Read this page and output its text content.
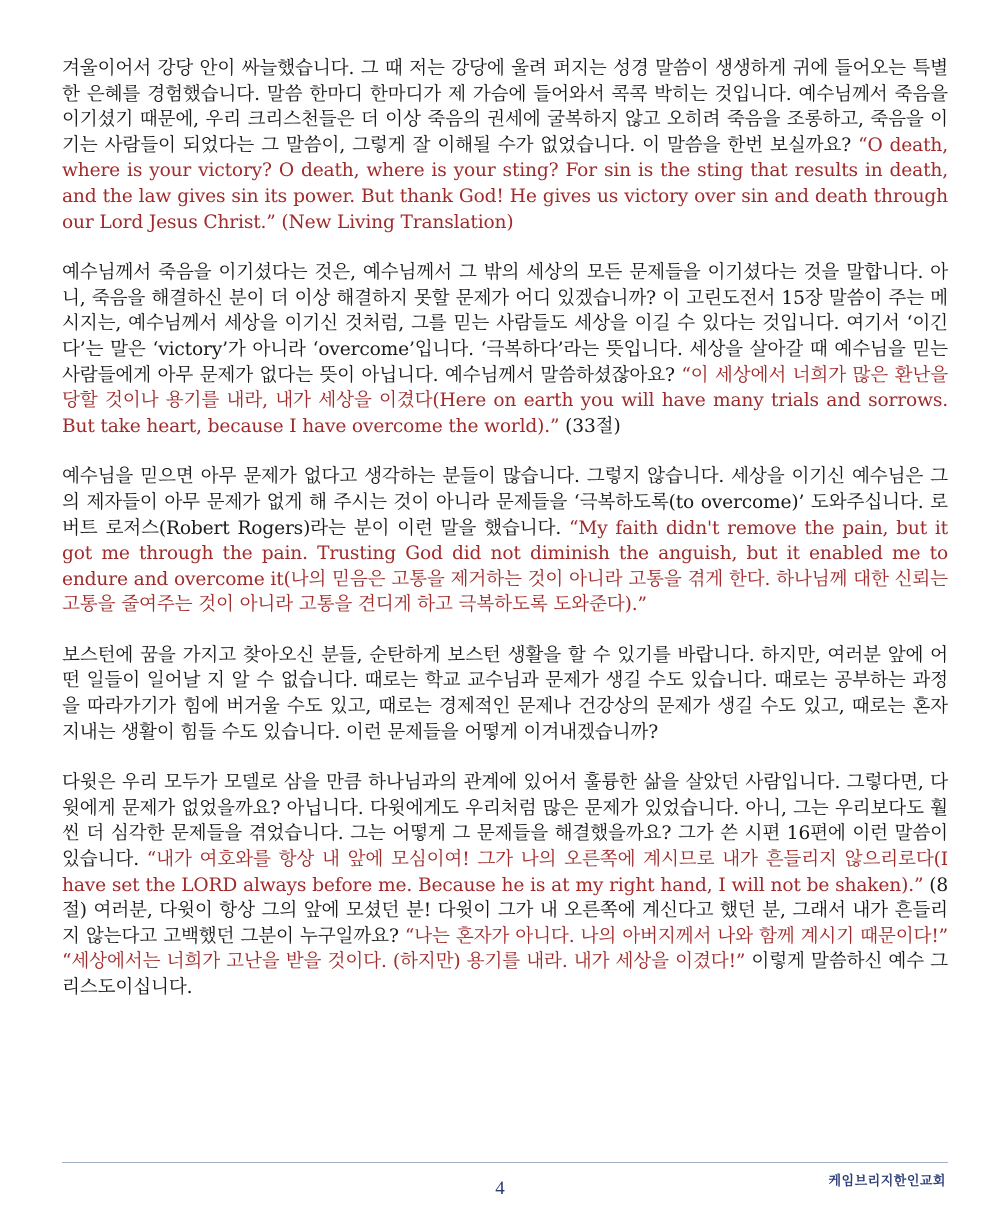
겨울이어서 강당 안이 싸늘했습니다. 그 때 저는 강당에 울려 퍼지는 성경 말씀이 생생하게 귀에 들어오는 특별한 은혜를 경험했습니다. 말씀 한마디 한마디가 제 가슴에 들어와서 콕콕 박히는 것입니다. 예수님께서 죽음을 이기셨기 때문에, 우리 크리스천들은 더 이상 죽음의 권세에 굴복하지 않고 오히려 죽음을 조롱하고, 죽음을 이기는 사람들이 되었다는 그 말씀이, 그렇게 잘 이해될 수가 없었습니다. 이 말씀을 한번 보실까요? “O death, where is your victory? O death, where is your sting? For sin is the sting that results in death, and the law gives sin its power. But thank God! He gives us victory over sin and death through our Lord Jesus Christ.” (New Living Translation)

예수님께서 죽음을 이기셨다는 것은, 예수님께서 그 밖의 세상의 모든 문제들을 이기셨다는 것을 말합니다. 아니, 죽음을 해결하신 분이 더 이상 해결하지 못할 문제가 어디 있겠습니까? 이 고린도전서 15장 말씀이 주는 메시지는, 예수님께서 세상을 이기신 것처럼, 그를 믿는 사람들도 세상을 이길 수 있다는 것입니다. 여기서 ‘이긴다’는 말은 ‘victory’가 아니라 ‘overcome’입니다. ‘극복하다’라는 뜻입니다. 세상을 살아갈 때 예수님을 믿는 사람들에게 아무 문제가 없다는 뜻이 아닙니다. 예수님께서 말씀하셨잖아요? “이 세상에서 너희가 많은 환난을 당할 것이나 용기를 내라, 내가 세상을 이겼다(Here on earth you will have many trials and sorrows. But take heart, because I have overcome the world).” (33절)

예수님을 믿으면 아무 문제가 없다고 생각하는 분들이 많습니다. 그렇지 않습니다. 세상을 이기신 예수님은 그의 제자들이 아무 문제가 없게 해 주시는 것이 아니라 문제들을 ‘극복하도록(to overcome)’ 도와주십니다. 로버트 로저스(Robert Rogers)라는 분이 이런 말을 했습니다. “My faith didn't remove the pain, but it got me through the pain. Trusting God did not diminish the anguish, but it enabled me to endure and overcome it(나의 믿음은 고통을 제거하는 것이 아니라 고통을 겪게 한다. 하나님께 대한 신뢰는 고통을 줄여주는 것이 아니라 고통을 견디게 하고 극복하도록 도와준다).”

보스턴에 꿈을 가지고 찾아오신 분들, 순탄하게 보스턴 생활을 할 수 있기를 바랍니다. 하지만, 여러분 앞에 어떤 일들이 일어날 지 알 수 없습니다. 때로는 학교 교수님과 문제가 생길 수도 있습니다. 때로는 공부하는 과정을 따라가기가 힘에 버거울 수도 있고, 때로는 경제적인 문제나 건강상의 문제가 생길 수도 있고, 때로는 혼자 지내는 생활이 힘들 수도 있습니다. 이런 문제들을 어떻게 이겨내겠습니까?

다윗은 우리 모두가 모델로 삼을 만큼 하나님과의 관계에 있어서 훌륭한 삶을 살았던 사람입니다. 그렇다면, 다윗에게 문제가 없었을까요? 아닙니다. 다윗에게도 우리처럼 많은 문제가 있었습니다. 아니, 그는 우리보다도 훨씬 더 심각한 문제들을 겪었습니다. 그는 어떻게 그 문제들을 해결했을까요? 그가 쓴 시편 16편에 이런 말씀이 있습니다. “내가 여호와를 항상 내 앞에 모심이여! 그가 나의 오른쪽에 계시므로 내가 흔들리지 않으리로다(I have set the LORD always before me. Because he is at my right hand, I will not be shaken).” (8절) 여러분, 다윗이 항상 그의 앞에 모셨던 분! 다윗이 그가 내 오른쪽에 계신다고 했던 분, 그래서 내가 흔들리지 않는다고 고백했던 그분이 누구일까요? “나는 혼자가 아니다. 나의 아버지께서 나와 함께 계시기 때문이다!” “세상에서는 너희가 고난을 받을 것이다. (하지만) 용기를 내라. 내가 세상을 이겼다!” 이렇게 말씀하신 예수 그리스도이십니다.

4	케임브리지한인교회
